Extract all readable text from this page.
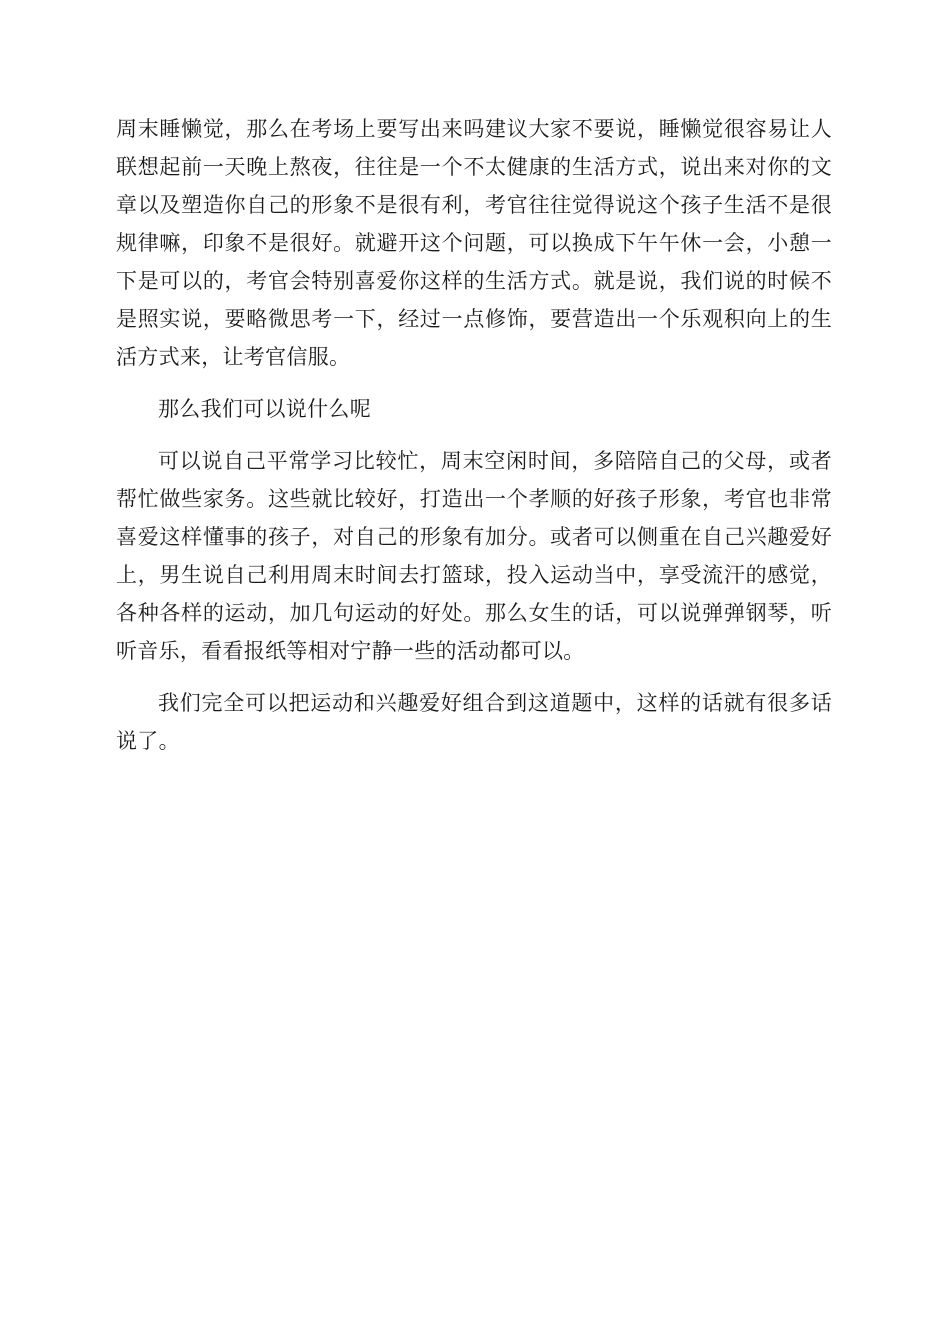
周末睡懒觉，那么在考场上要写出来吗建议大家不要说，睡懒觉很容易让人联想起前一天晚上熬夜，往往是一个不太健康的生活方式，说出来对你的文章以及塑造你自己的形象不是很有利，考官往往觉得说这个孩子生活不是很规律嘛，印象不是很好。就避开这个问题，可以换成下午午休一会，小憩一下是可以的，考官会特别喜爱你这样的生活方式。就是说，我们说的时候不是照实说，要略微思考一下，经过一点修饰，要营造出一个乐观积向上的生活方式来，让考官信服。

那么我们可以说什么呢

可以说自己平常学习比较忙，周末空闲时间，多陪陪自己的父母，或者帮忙做些家务。这些就比较好，打造出一个孝顺的好孩子形象，考官也非常喜爱这样懂事的孩子，对自己的形象有加分。或者可以侧重在自己兴趣爱好上，男生说自己利用周末时间去打篮球，投入运动当中，享受流汗的感觉，各种各样的运动，加几句运动的好处。那么女生的话，可以说弹弹钢琴，听听音乐，看看报纸等相对宁静一些的活动都可以。

我们完全可以把运动和兴趣爱好组合到这道题中，这样的话就有很多话说了。
